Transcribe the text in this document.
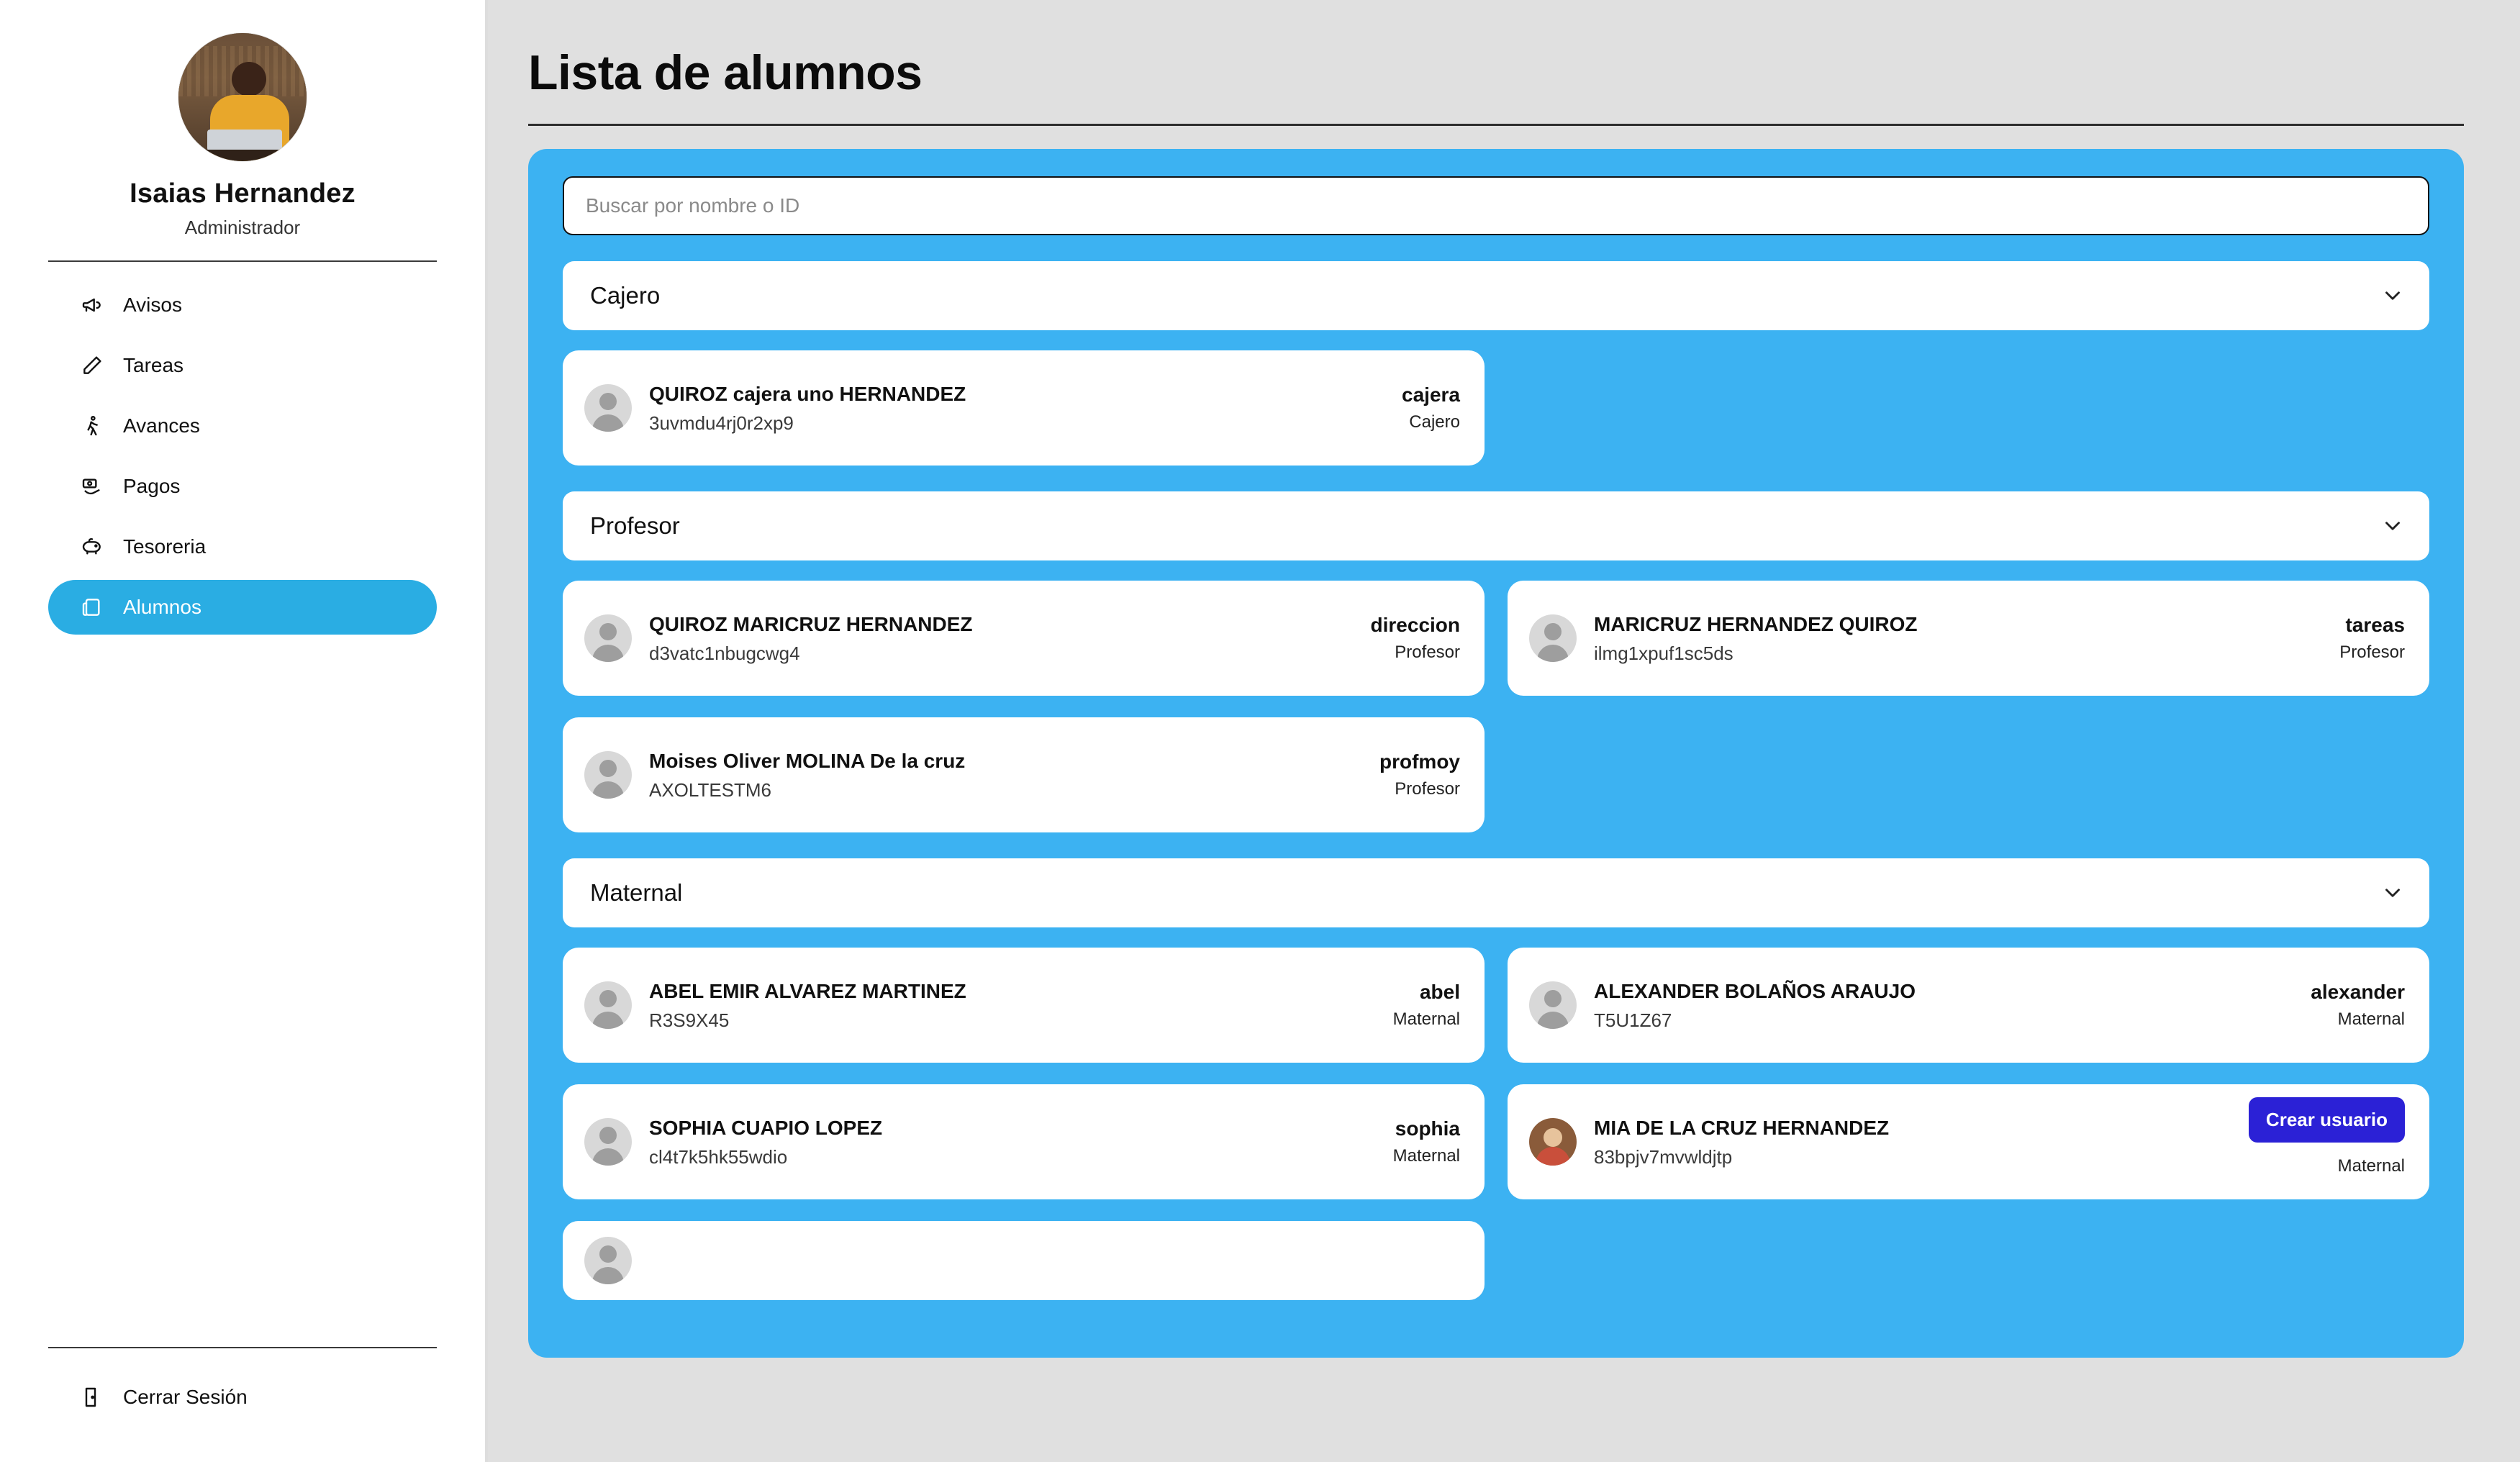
Isaias Hernandez
Administrador
Avisos
Tareas
Avances
Pagos
Tesoreria
Alumnos
Cerrar Sesión
Lista de alumnos
Buscar por nombre o ID
Cajero
QUIROZ cajera uno HERNANDEZ
3uvmdu4rj0r2xp9
cajera
Cajero
Profesor
QUIROZ MARICRUZ HERNANDEZ
d3vatc1nbugcwg4
direccion
Profesor
MARICRUZ HERNANDEZ QUIROZ
ilmg1xpuf1sc5ds
tareas
Profesor
Moises Oliver MOLINA De la cruz
AXOLTESTM6
profmoy
Profesor
Maternal
ABEL EMIR ALVAREZ MARTINEZ
R3S9X45
abel
Maternal
ALEXANDER BOLAÑOS ARAUJO
T5U1Z67
alexander
Maternal
SOPHIA CUAPIO LOPEZ
cl4t7k5hk55wdio
sophia
Maternal
MIA DE LA CRUZ HERNANDEZ
83bpjv7mvwldjtp	Maternal
Crear usuario
